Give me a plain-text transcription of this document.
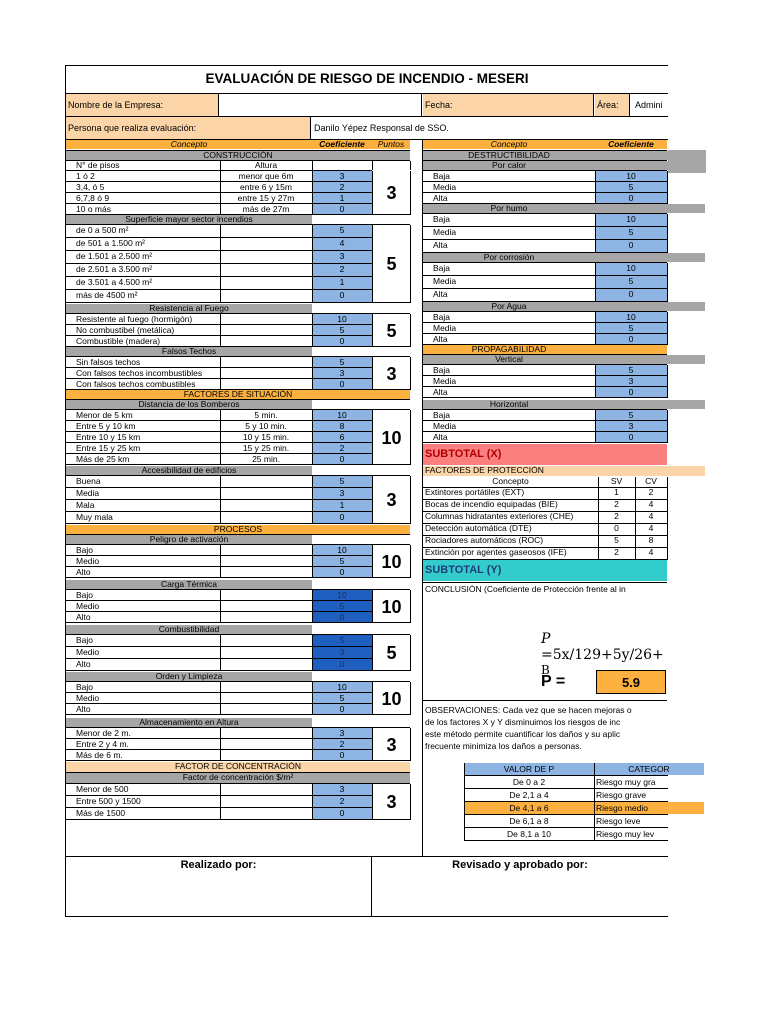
EVALUACIÓN DE RIESGO DE INCENDIO - MESERI
Nombre de la Empresa:	Fecha:	Área:	Admini
Persona que realiza evaluación:	Danilo Yépez Responsal de SSO.
Concepto	Coeficiente	Puntos
CONSTRUCCIÓN
N° de pisos	Altura
1 ó 2	menor que 6m	3
3,4, ó 5	entre 6 y 15m	2
6,7,8 ó 9	entre 15 y 27m	1
10 o más	más de 27m	0
3
Superficie mayor sector incendios
de 0 a 500 m²	5
de 501 a 1.500 m²	4
de 1.501 a 2.500 m²	3
de 2.501 a 3.500 m²	2
de 3.501 a 4.500 m²	1
más de 4500 m²	0
5
Resistencia al Fuego
Resistente al fuego (hormigón)	10
No combustibel (metálica)	5
Combustible (madera)	0
5
Falsos Techos
Sin falsos techos	5
Con falsos techos incombustibles	3
Con falsos techos combustibles	0
3
FACTORES DE SITUACIÓN
Distancia de los Bomberos
Menor de 5 km	5 min.	10
Entre 5 y 10 km	5 y 10 min.	8
Entre 10 y 15 km	10 y 15 min.	6
Entre 15 y 25 km	15 y 25 min.	2
Más de 25 km	25 min.	0
10
Accesibilidad de edificios
Buena	5
Media	3
Mala	1
Muy mala	0
3
PROCESOS
Peligro de activación
Bajo	10
Medio	5
Alto	0
10
Carga Térmica
Bajo	10
Medio	5
Alto	0
10
Combustibilidad
Bajo	5
Medio	3
Alto	0
5
Orden y Limpieza
Bajo	10
Medio	5
Alto	0
10
Almacenamiento en Altura
Menor de 2 m.	3
Entre 2 y 4 m.	2
Más de 6 m.	0
3
FACTOR DE CONCENTRACIÓN
Factor de concentración $/m²
Menor de 500	3
Entre 500 y 1500	2
Más de 1500	0
3
Concepto	Coeficiente
DESTRUCTIBILIDAD
Por calor
Baja	10
Media	5
Alta	0
Por humo
Baja	10
Media	5
Alta	0
Por corrosión
Baja	10
Media	5
Alta	0
Por Agua
Baja	10
Media	5
Alta	0
PROPAGABILIDAD
Vertical
Baja	5
Media	3
Alta	0
Horizontal
Baja	5
Media	3
Alta	0
SUBTOTAL (X)
FACTORES DE PROTECCIÓN
Concepto	SV	CV
Extintores portátiles (EXT)	1	2
Bocas de incendio equipadas (BIE)	2	4
Columnas hidratantes exteriores (CHE)	2	4
Detección automática (DTE)	0	4
Rociadores automáticos (ROC)	5	8
Extinción por agentes gaseosos (IFE)	2	4
SUBTOTAL (Y)
CONCLUSIÓN (Coeficiente de Protección frente al in
P
=5x/129+5y/26+
B
P =	5.9
OBSERVACIONES: Cada vez que se hacen mejoras o
de los factores X y Y disminuimos los riesgos de inc
este método permite cuantificar los daños y su aplic
frecuente minimiza los daños a personas.
VALOR DE P	CATEGOR
De 0 a 2	Riesgo muy gra
De 2,1 a 4	Riesgo grave
De 4,1 a 6	Riesgo medio
De 6,1 a 8	Riesgo leve
De 8,1 a 10	Riesgo muy lev
Realizado por:	Revisado y aprobado por:
